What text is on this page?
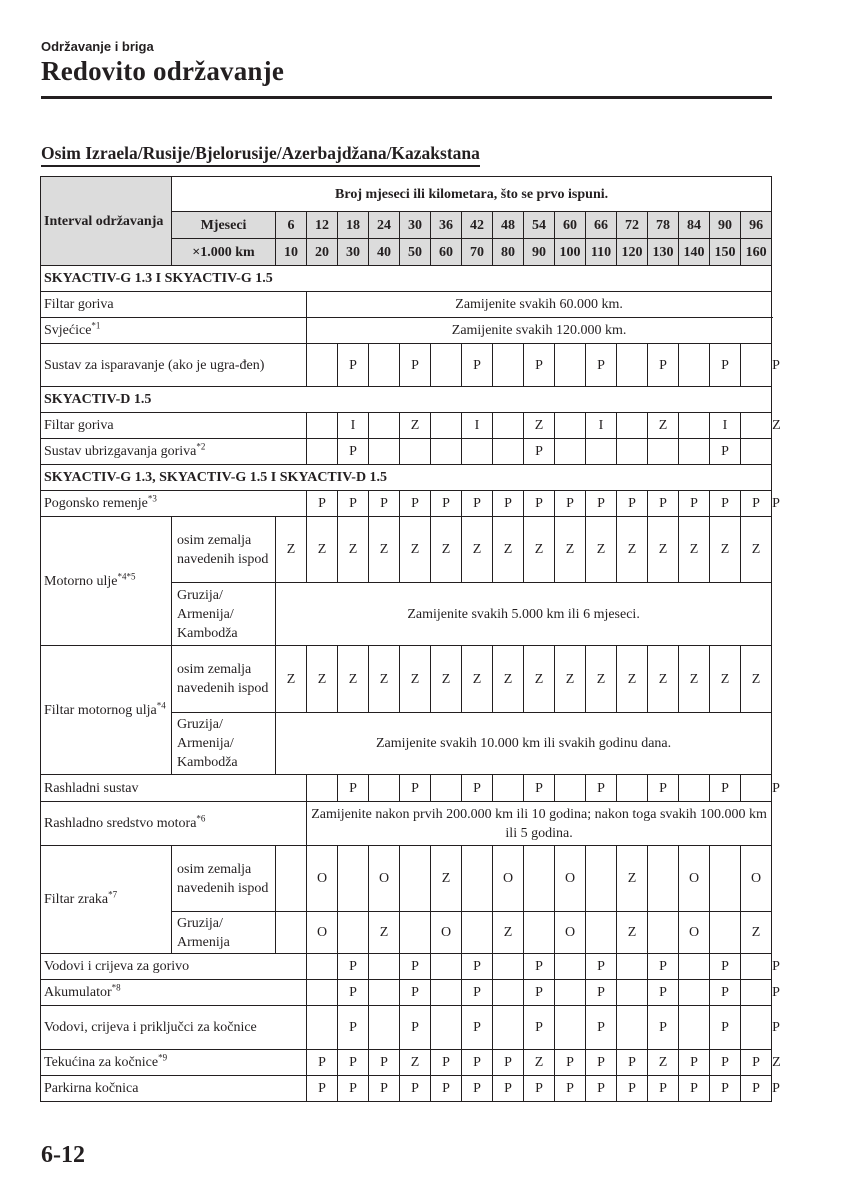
Održavanje i briga
Redovito održavanje
Osim Izraela/Rusije/Bjelorusije/Azerbajdžana/Kazakstana
Interval održavanja	Broj mjeseci ili kilometara, što se prvo ispuni.																	
	Mjeseci	6	12	18	24	30	36	42	48	54	60	66	72	78	84	90	96	
	×1.000 km	10	20	30	40	50	60	70	80	90	100	110	120	130	140	150	160	
SKYACTIV-G 1.3 I SKYACTIV-G 1.5																		
Filtar goriva			Zamijenite svakih 60.000 km.															
Svjećice$^{*1}$			Zamijenite svakih 120.000 km.															
Sustav za isparavanje (ako je ugra-đen)				P		P		P		P		P		P		P		P
SKYACTIV-D 1.5																		
Filtar goriva				I		Z		I		Z		I		Z		I		Z
Sustav ubrizgavanja goriva$^{*2}$				P						P						P		
SKYACTIV-G 1.3, SKYACTIV-G 1.5 I SKYACTIV-D 1.5																		
Pogonsko remenje$^{*3}$			P	P	P	P	P	P	P	P	P	P	P	P	P	P	P	P
Motorno ulje$^{*4*5}$	osim zemalja navedenih ispod	Z	Z	Z	Z	Z	Z	Z	Z	Z	Z	Z	Z	Z	Z	Z	Z	
	Gruzija/ Armenija/ Kambodža	Zamijenite svakih 5.000 km ili 6 mjeseci.																
Filtar motornog ulja$^{*4}$	osim zemalja navedenih ispod	Z	Z	Z	Z	Z	Z	Z	Z	Z	Z	Z	Z	Z	Z	Z	Z	
	Gruzija/ Armenija/ Kambodža	Zamijenite svakih 10.000 km ili svakih godinu dana.																
Rashladni sustav				P		P		P		P		P		P		P		P
Rashladno sredstvo motora$^{*6}$			Zamijenite nakon prvih 200.000 km ili 10 godina; nakon toga svakih 100.000 km ili 5 godina.															
Filtar zraka$^{*7}$	osim zemalja navedenih ispod		O		O		Z		O		O		Z		O		O	
	Gruzija/ Armenija		O		Z		O		Z		O		Z		O		Z	
Vodovi i crijeva za gorivo				P		P		P		P		P		P		P		P
Akumulator$^{*8}$				P		P		P		P		P		P		P		P
Vodovi, crijeva i priključci za kočnice				P		P		P		P		P		P		P		P
Tekućina za kočnice$^{*9}$			P	P	P	Z	P	P	P	Z	P	P	P	Z	P	P	P	Z
Parkirna kočnica			P	P	P	P	P	P	P	P	P	P	P	P	P	P	P	P
6-12
